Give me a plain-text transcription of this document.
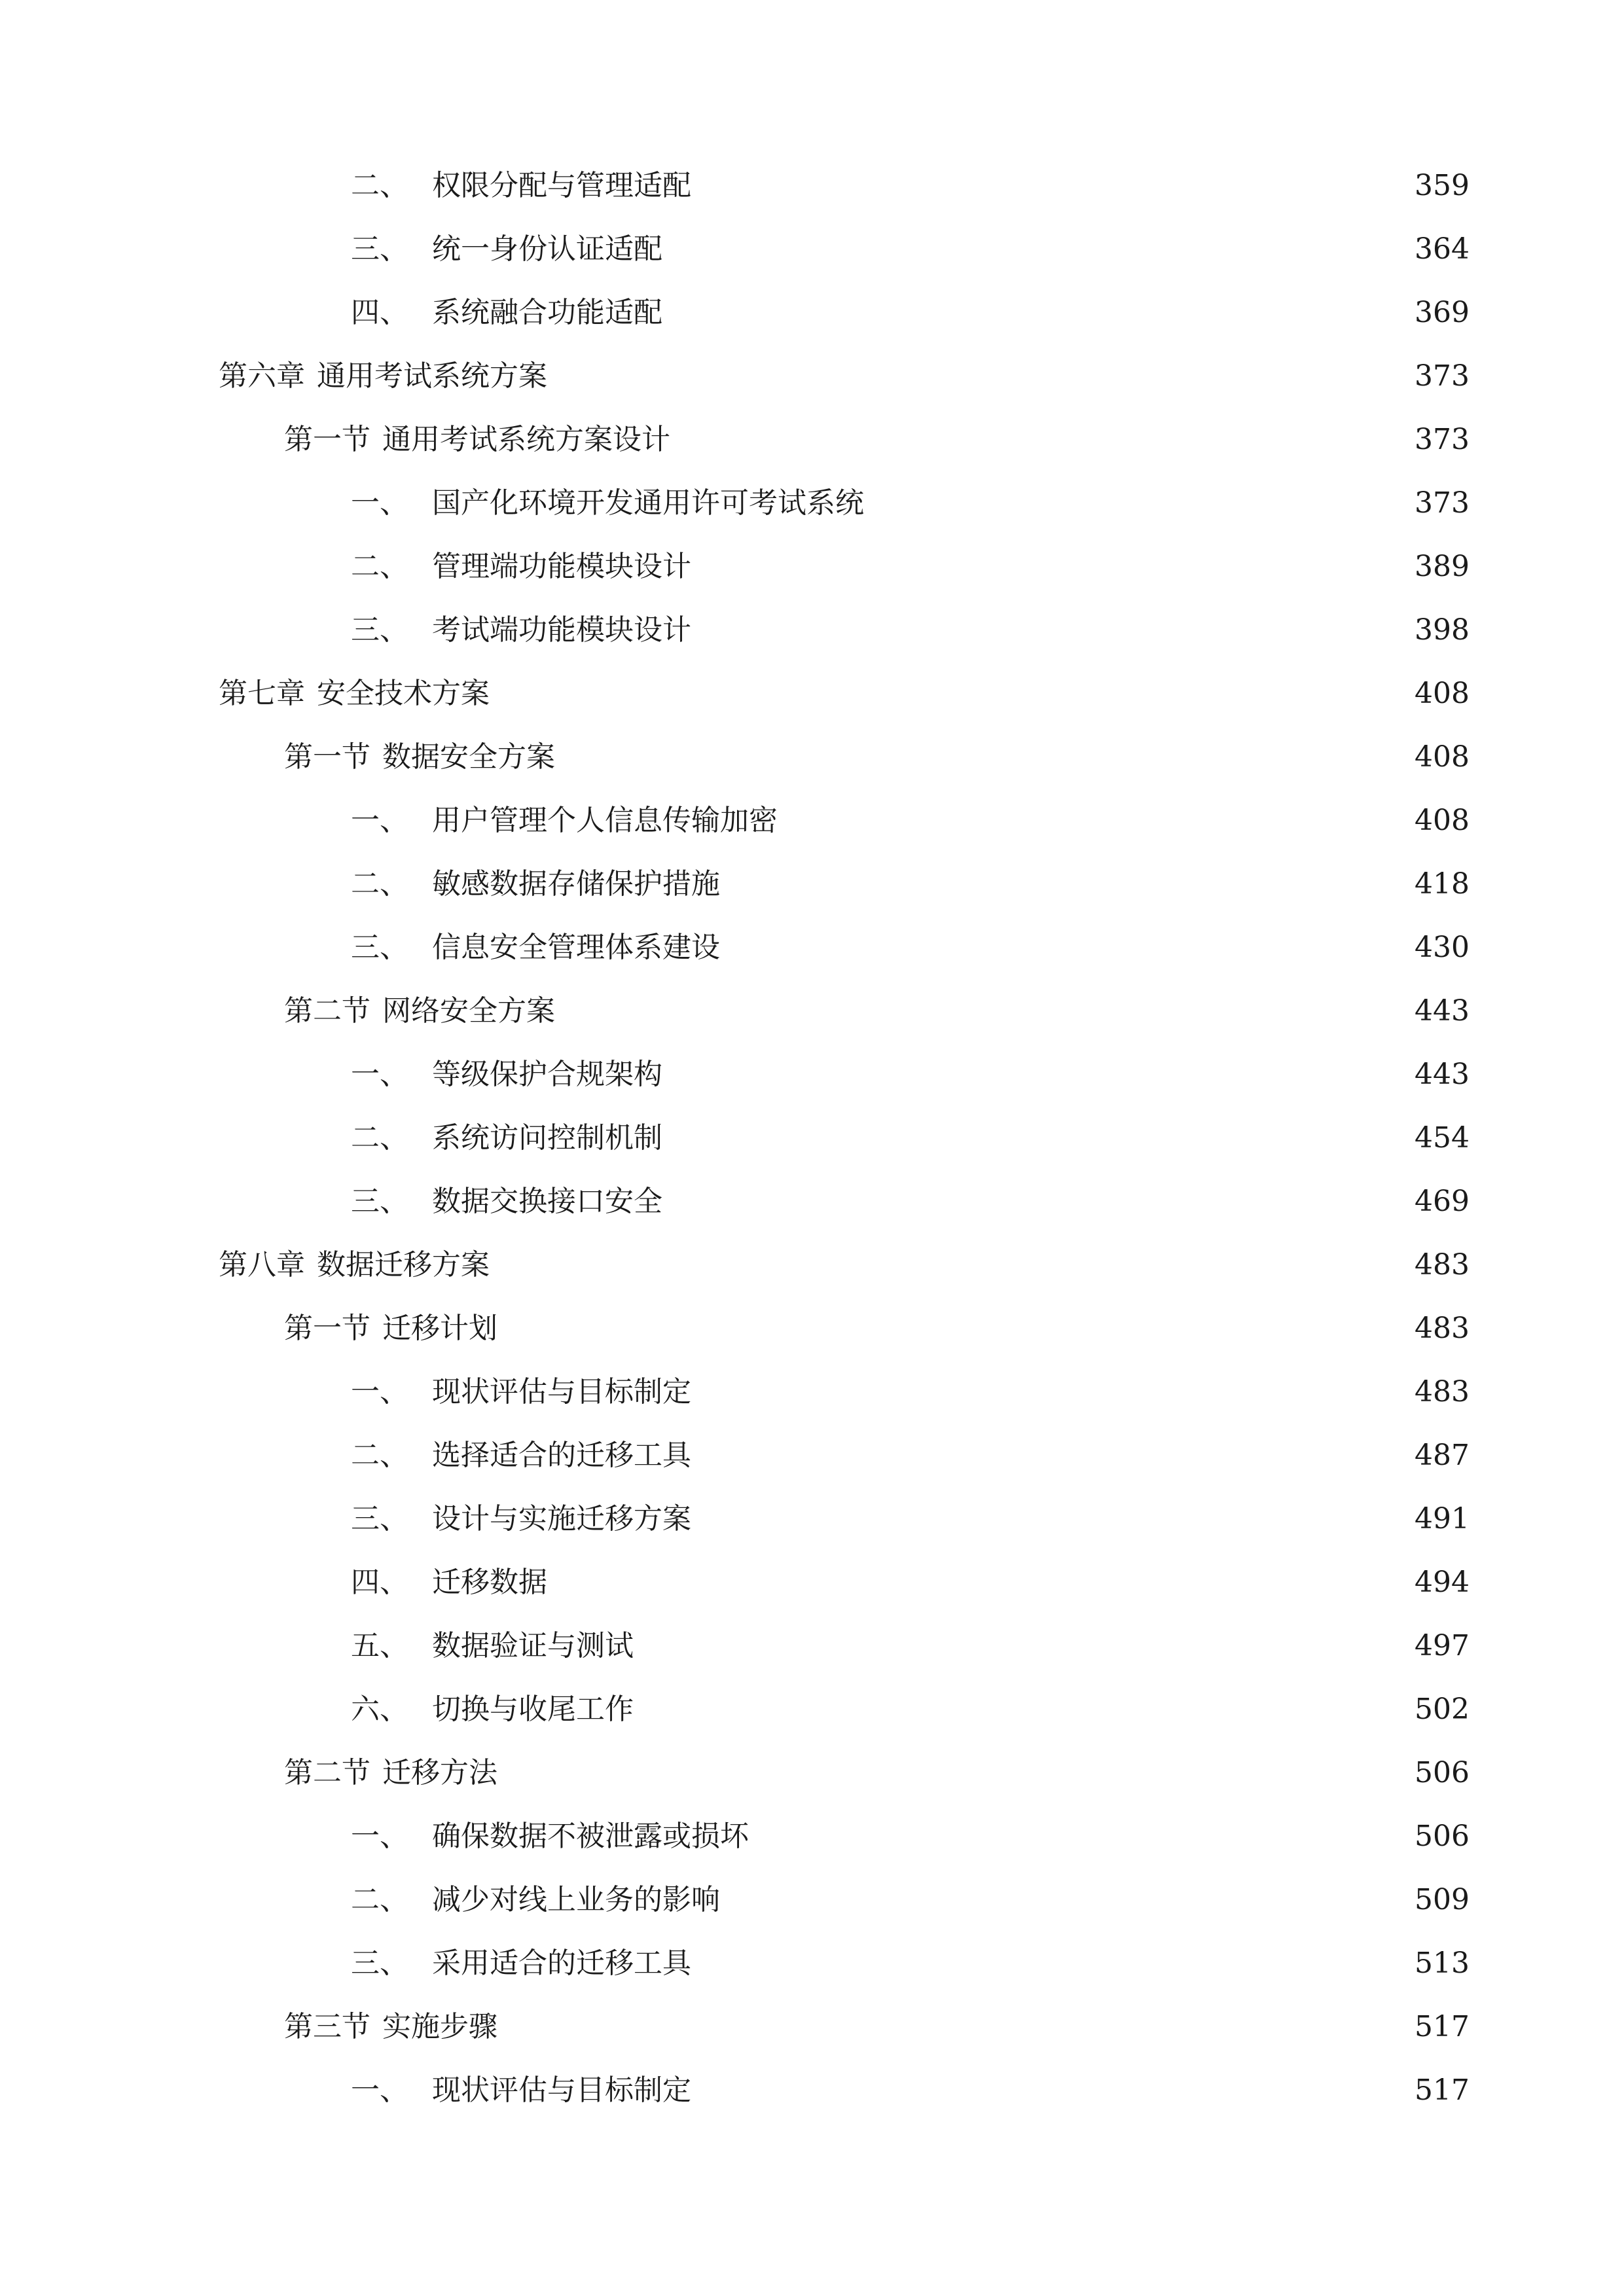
二、 权限分配与管理适配	359
三、 统一身份认证适配	364
四、 系统融合功能适配	369
第六章 通用考试系统方案	373
第一节 通用考试系统方案设计	373
一、 国产化环境开发通用许可考试系统	373
二、 管理端功能模块设计	389
三、 考试端功能模块设计	398
第七章 安全技术方案	408
第一节 数据安全方案	408
一、 用户管理个人信息传输加密	408
二、 敏感数据存储保护措施	418
三、 信息安全管理体系建设	430
第二节 网络安全方案	443
一、 等级保护合规架构	443
二、 系统访问控制机制	454
三、 数据交换接口安全	469
第八章 数据迁移方案	483
第一节 迁移计划	483
一、 现状评估与目标制定	483
二、 选择适合的迁移工具	487
三、 设计与实施迁移方案	491
四、 迁移数据	494
五、 数据验证与测试	497
六、 切换与收尾工作	502
第二节 迁移方法	506
一、 确保数据不被泄露或损坏	506
二、 减少对线上业务的影响	509
三、 采用适合的迁移工具	513
第三节 实施步骤	517
一、 现状评估与目标制定	517
